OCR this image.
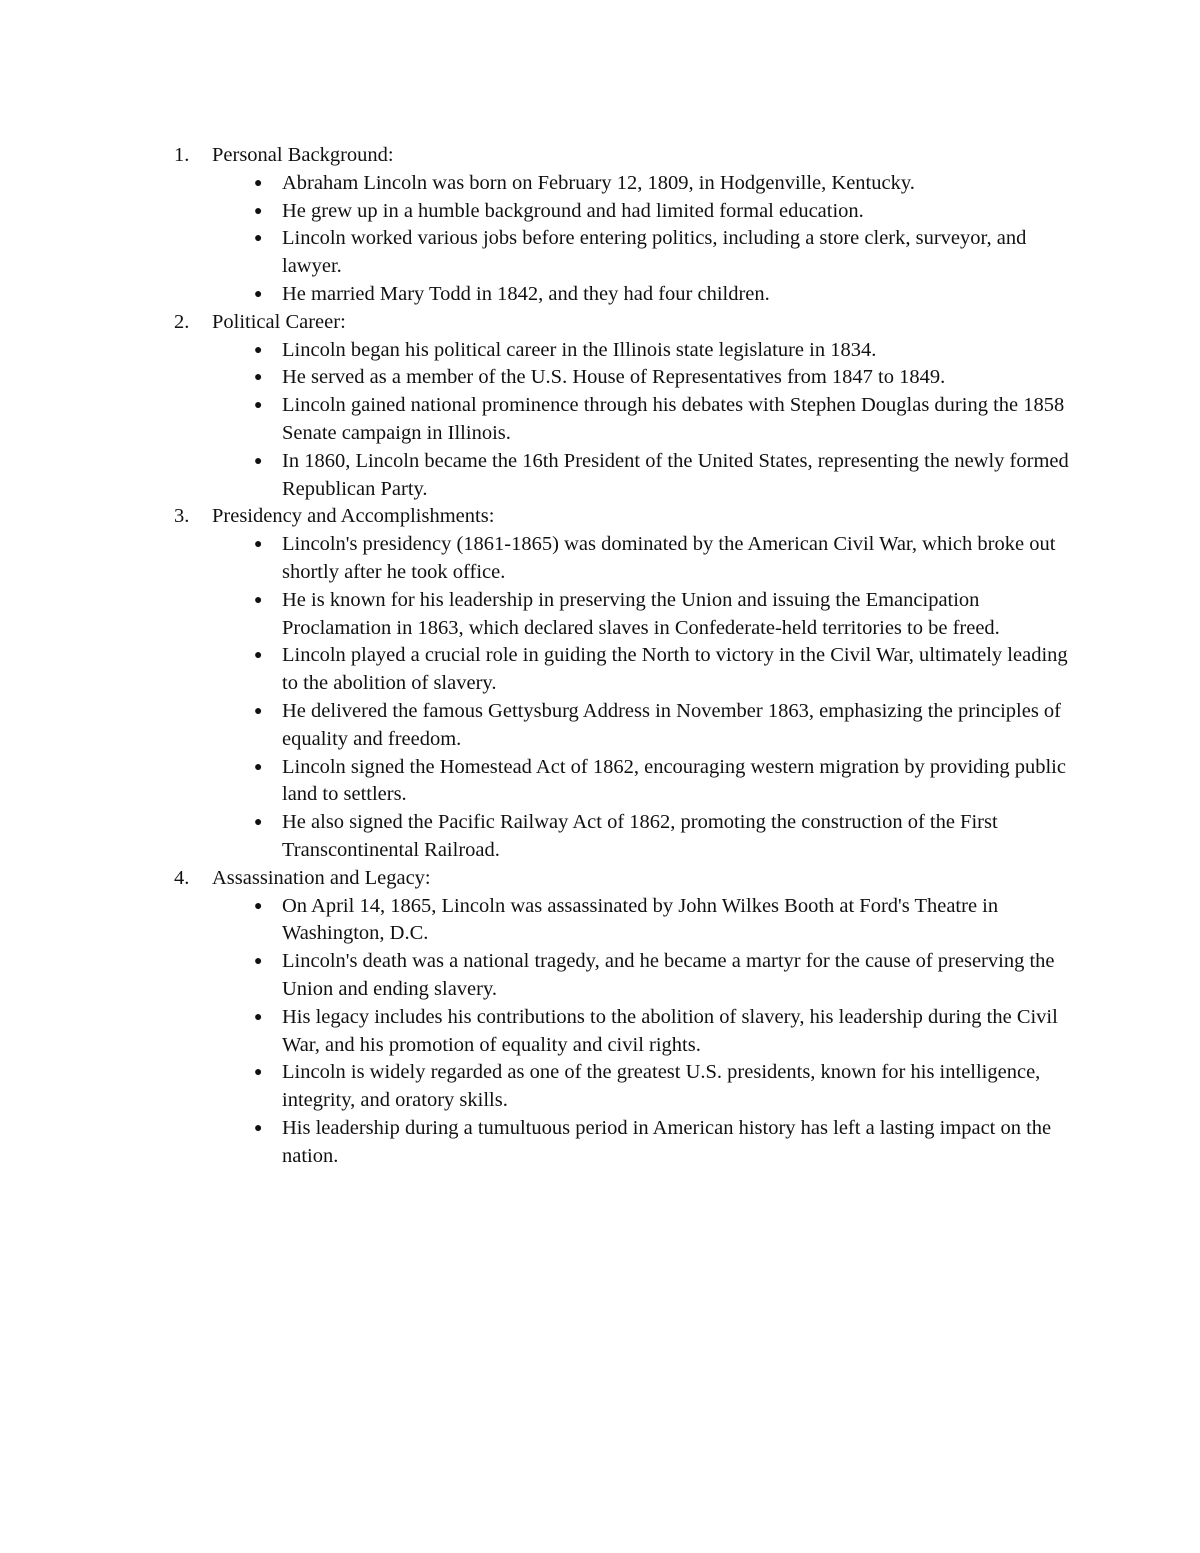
1.	Personal Background:
● Abraham Lincoln was born on February 12, 1809, in Hodgenville, Kentucky.
● He grew up in a humble background and had limited formal education.
● Lincoln worked various jobs before entering politics, including a store clerk, surveyor, and lawyer.
● He married Mary Todd in 1842, and they had four children.
2.	Political Career:
● Lincoln began his political career in the Illinois state legislature in 1834.
● He served as a member of the U.S. House of Representatives from 1847 to 1849.
● Lincoln gained national prominence through his debates with Stephen Douglas during the 1858 Senate campaign in Illinois.
● In 1860, Lincoln became the 16th President of the United States, representing the newly formed Republican Party.
3.	Presidency and Accomplishments:
● Lincoln's presidency (1861-1865) was dominated by the American Civil War, which broke out shortly after he took office.
● He is known for his leadership in preserving the Union and issuing the Emancipation Proclamation in 1863, which declared slaves in Confederate-held territories to be freed.
● Lincoln played a crucial role in guiding the North to victory in the Civil War, ultimately leading to the abolition of slavery.
● He delivered the famous Gettysburg Address in November 1863, emphasizing the principles of equality and freedom.
● Lincoln signed the Homestead Act of 1862, encouraging western migration by providing public land to settlers.
● He also signed the Pacific Railway Act of 1862, promoting the construction of the First Transcontinental Railroad.
4.	Assassination and Legacy:
● On April 14, 1865, Lincoln was assassinated by John Wilkes Booth at Ford's Theatre in Washington, D.C.
● Lincoln's death was a national tragedy, and he became a martyr for the cause of preserving the Union and ending slavery.
● His legacy includes his contributions to the abolition of slavery, his leadership during the Civil War, and his promotion of equality and civil rights.
● Lincoln is widely regarded as one of the greatest U.S. presidents, known for his intelligence, integrity, and oratory skills.
● His leadership during a tumultuous period in American history has left a lasting impact on the nation.
